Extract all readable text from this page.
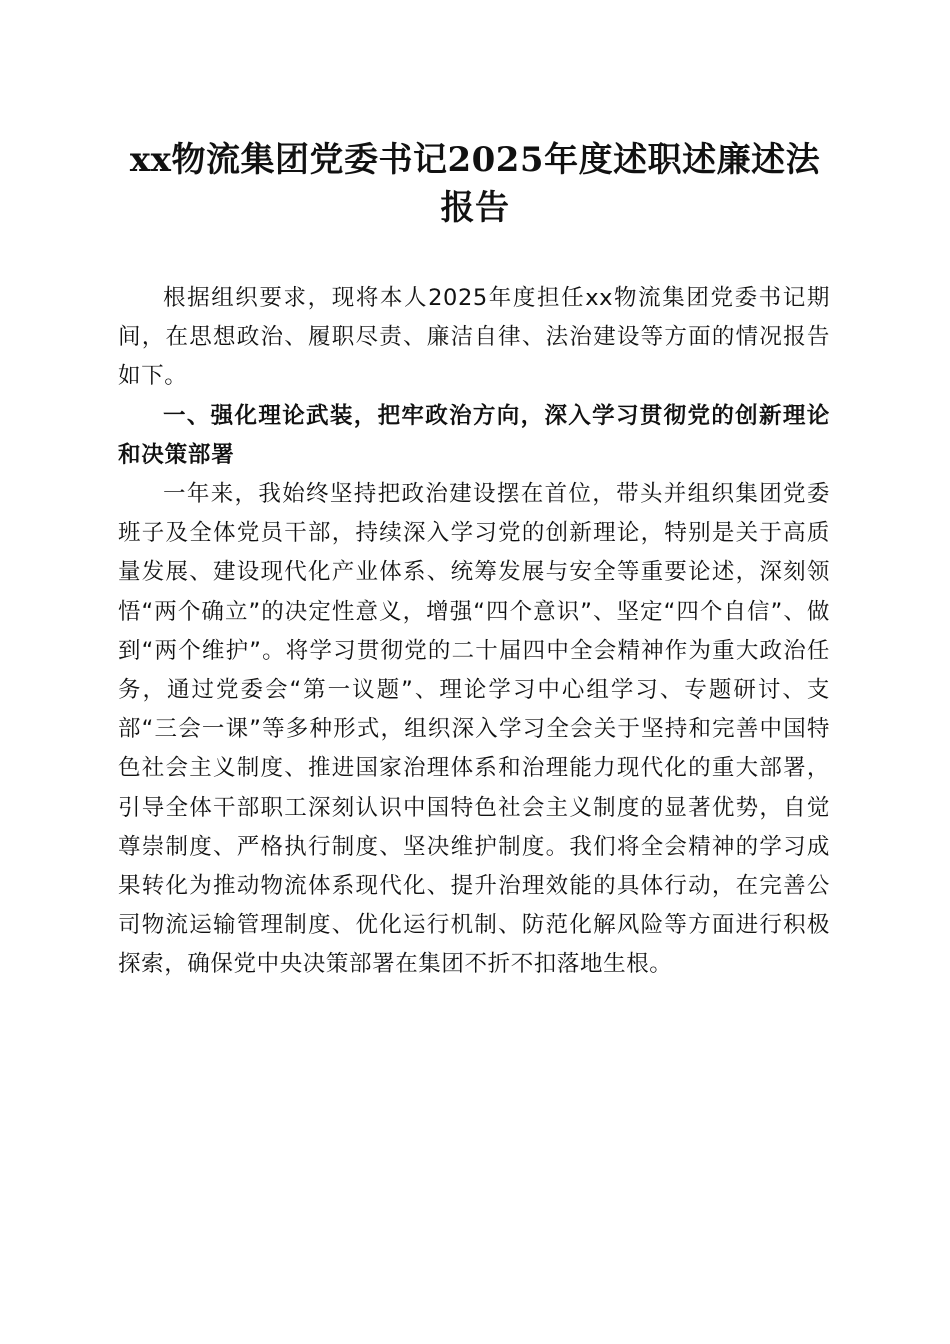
xx物流集团党委书记2025年度述职述廉述法
报告

根据组织要求，现将本人2025年度担任xx物流集团党委书记期间，在思想政治、履职尽责、廉洁自律、法治建设等方面的情况报告如下。

一、强化理论武装，把牢政治方向，深入学习贯彻党的创新理论和决策部署

一年来，我始终坚持把政治建设摆在首位，带头并组织集团党委班子及全体党员干部，持续深入学习党的创新理论，特别是关于高质量发展、建设现代化产业体系、统筹发展与安全等重要论述，深刻领悟“两个确立”的决定性意义，增强“四个意识”、坚定“四个自信”、做到“两个维护”。将学习贯彻党的二十届四中全会精神作为重大政治任务，通过党委会“第一议题”、理论学习中心组学习、专题研讨、支部“三会一课”等多种形式，组织深入学习全会关于坚持和完善中国特色社会主义制度、推进国家治理体系和治理能力现代化的重大部署，引导全体干部职工深刻认识中国特色社会主义制度的显著优势，自觉尊崇制度、严格执行制度、坚决维护制度。我们将全会精神的学习成果转化为推动物流体系现代化、提升治理效能的具体行动，在完善公司物流运输管理制度、优化运行机制、防范化解风险等方面进行积极探索，确保党中央决策部署在集团不折不扣落地生根。
